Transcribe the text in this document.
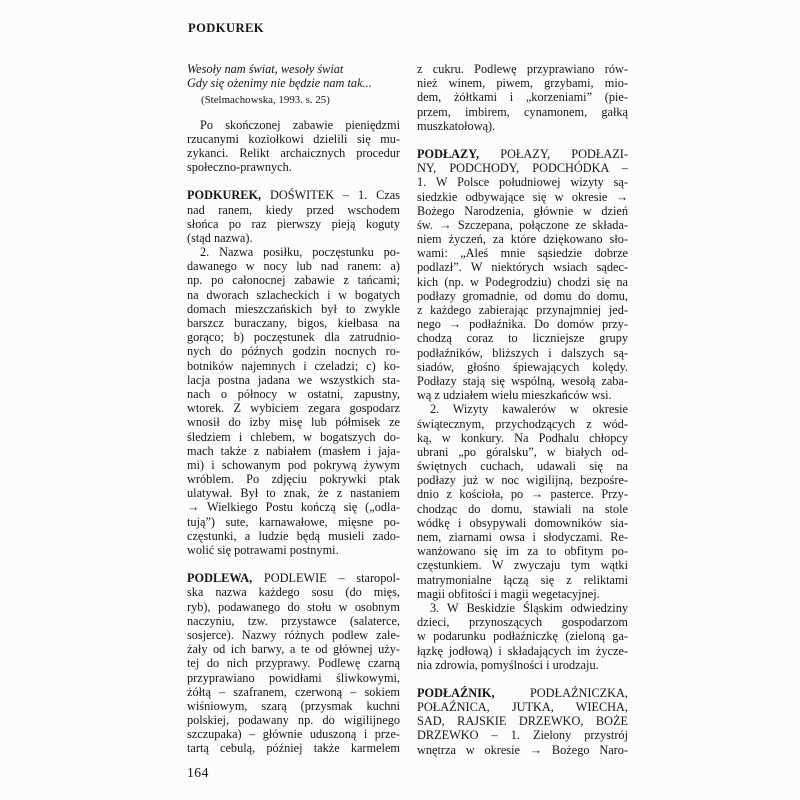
PODKUREK
Wesoły nam świat, wesoły świat
Gdy się ożenimy nie będzie nam tak...
(Stelmachowska, 1993. s. 25)
Po skończonej zabawie pieniędzmi
rzucanymi koziołkowi dzielili się mu-
zykanci. Relikt archaicznych procedur
społeczno-prawnych.
PODKUREK, DOŚWITEK – 1. Czas
nad ranem, kiedy przed wschodem
słońca po raz pierwszy pieją koguty
(stąd nazwa).
2. Nazwa posiłku, poczęstunku po-
dawanego w nocy lub nad ranem: a)
np. po całonocnej zabawie z tańcami;
na dworach szlacheckich i w bogatych
domach mieszczańskich był to zwykle
barszcz buraczany, bigos, kiełbasa na
gorąco; b) poczęstunek dla zatrudnio-
nych do późnych godzin nocnych ro-
botników najemnych i czeladzi; c) ko-
lacja postna jadana we wszystkich sta-
nach o północy w ostatni, zapustny,
wtorek. Z wybiciem zegara gospodarz
wnosił do izby misę lub półmisek ze
śledziem i chlebem, w bogatszych do-
mach także z nabiałem (masłem i jaja-
mi) i schowanym pod pokrywą żywym
wróblem. Po zdjęciu pokrywki ptak
ulatywał. Był to znak, że z nastaniem
→ Wielkiego Postu kończą się („odla-
tują”) sute, karnawałowe, mięsne po-
częstunki, a ludzie będą musieli zado-
wolić się potrawami postnymi.
PODLEWA, PODLEWIE – staropol-
ska nazwa każdego sosu (do mięs,
ryb), podawanego do stołu w osobnym
naczyniu, tzw. przystawce (salaterce,
sosjerce). Nazwy różnych podlew zale-
żały od ich barwy, a te od głównej uży-
tej do nich przyprawy. Podlewę czarną
przyprawiano powidłami śliwkowymi,
żółtą – szafranem, czerwoną – sokiem
wiśniowym, szarą (przysmak kuchni
polskiej, podawany np. do wigilijnego
szczupaka) – głównie uduszoną i prze-
tartą cebulą, później także karmelem
z cukru. Podlewę przyprawiano rów-
nież winem, piwem, grzybami, mio-
dem, żółtkami i „korzeniami” (pie-
przem, imbirem, cynamonem, gałką
muszkatołową).
PODŁAZY, POŁAZY, PODŁAZI-
NY, PODCHODY, PODCHÓDKA –
1. W Polsce południowej wizyty są-
siedzkie odbywające się w okresie →
Bożego Narodzenia, głównie w dzień
św. → Szczepana, połączone ze składa-
niem życzeń, za które dziękowano sło-
wami: „Aleś mnie sąsiedzie dobrze
podlazł”. W niektórych wsiach sądec-
kich (np. w Podegrodziu) chodzi się na
podłazy gromadnie, od domu do domu,
z każdego zabierając przynajmniej jed-
nego → podłaźnika. Do domów przy-
chodzą coraz to liczniejsze grupy
podłaźników, bliższych i dalszych są-
siadów, głośno śpiewających kolędy.
Podłazy stają się wspólną, wesołą zaba-
wą z udziałem wielu mieszkańców wsi.
2. Wizyty kawalerów w okresie
świątecznym, przychodzących z wód-
ką, w konkury. Na Podhalu chłopcy
ubrani „po góralsku”, w białych od-
świętnych cuchach, udawali się na
podłazy już w noc wigilijną, bezpośre-
dnio z kościoła, po → pasterce. Przy-
chodząc do domu, stawiali na stole
wódkę i obsypywali domowników sia-
nem, ziarnami owsa i słodyczami. Re-
wanżowano się im za to obfitym po-
częstunkiem. W zwyczaju tym wątki
matrymonialne łączą się z reliktami
magii obfitości i magii wegetacyjnej.
3. W Beskidzie Śląskim odwiedziny
dzieci, przynoszących gospodarzom
w podarunku podłaźniczkę (zieloną ga-
łązkę jodłową) i składających im życze-
nia zdrowia, pomyślności i urodzaju.
PODŁAŹNIK, PODŁAŹNICZKA,
POŁAŹNICA, JUTKA, WIECHA,
SAD, RAJSKIE DRZEWKO, BOŻE
DRZEWKO – 1. Zielony przystrój
wnętrza w okresie → Bożego Naro-
164
